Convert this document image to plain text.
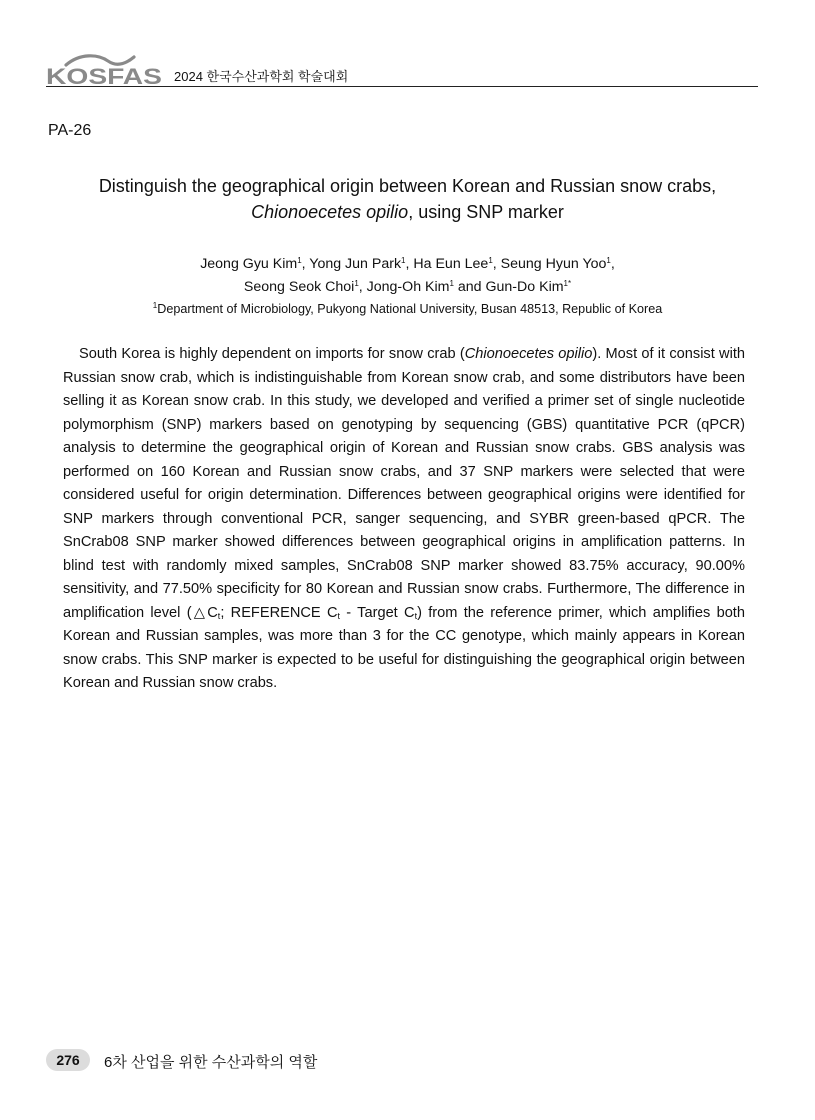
KOSFAS 2024 한국수산과학회 학술대회
PA-26
Distinguish the geographical origin between Korean and Russian snow crabs,
Chionoecetes opilio, using SNP marker
Jeong Gyu Kim$^1$, Yong Jun Park$^1$, Ha Eun Lee$^1$, Seung Hyun Yoo$^1$,
Seong Seok Choi$^1$, Jong-Oh Kim$^1$ and Gun-Do Kim$^{1*}$
$^1$Department of Microbiology, Pukyong National University, Busan 48513, Republic of Korea

South Korea is highly dependent on imports for snow crab (Chionoecetes opilio). Most of it consist with Russian snow crab, which is indistinguishable from Korean snow crab, and some distributors have been selling it as Korean snow crab. In this study, we developed and verified a primer set of single nucleotide polymorphism (SNP) markers based on genotyping by sequencing (GBS) quantitative PCR (qPCR) analysis to determine the geographical origin of Korean and Russian snow crabs. GBS analysis was performed on 160 Korean and Russian snow crabs, and 37 SNP markers were selected that were considered useful for origin determination. Differences between geographical origins were identified for SNP markers through conventional PCR, sanger sequencing, and SYBR green-based qPCR. The SnCrab08 SNP marker showed differences between geographical origins in amplification patterns. In blind test with randomly mixed samples, SnCrab08 SNP marker showed 83.75% accuracy, 90.00% sensitivity, and 77.50% specificity for 80 Korean and Russian snow crabs. Furthermore, The difference in amplification level ($\triangle C_t$; REFERENCE $C_t$ - Target $C_t$) from the reference primer, which amplifies both Korean and Russian samples, was more than 3 for the CC genotype, which mainly appears in Korean snow crabs. This SNP marker is expected to be useful for distinguishing the geographical origin between Korean and Russian snow crabs.

276	6차 산업을 위한 수산과학의 역할
